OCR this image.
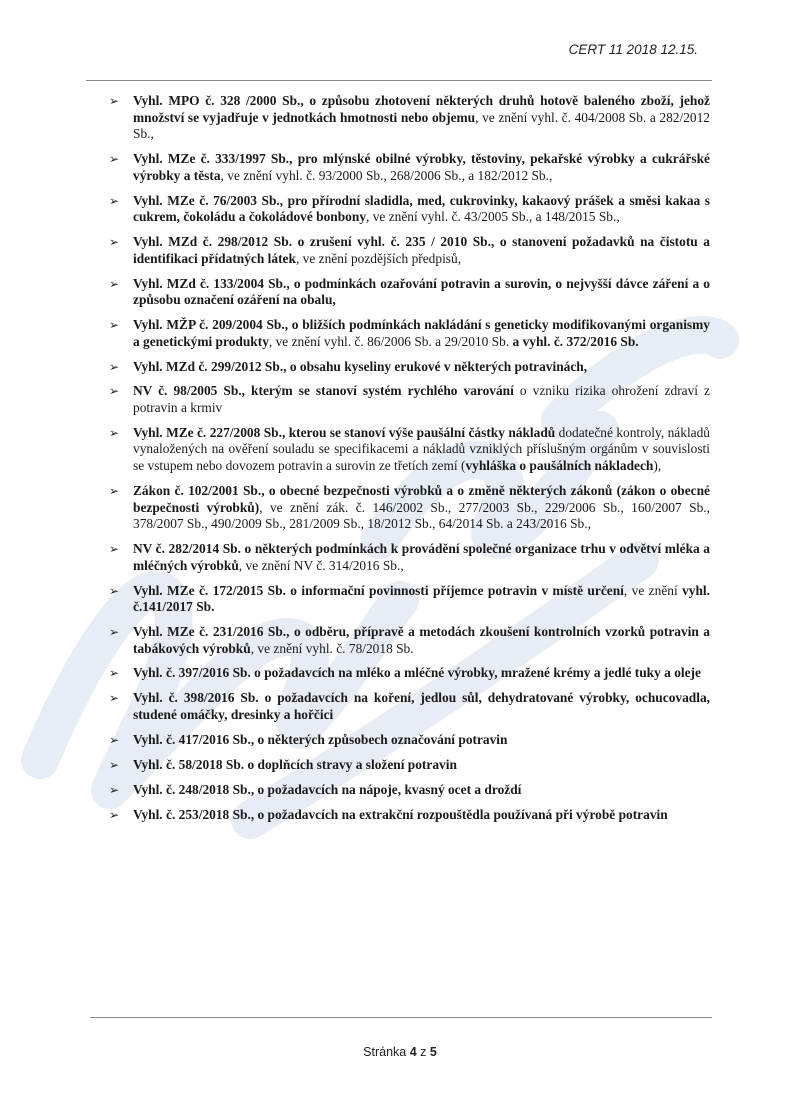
CERT 11 2018 12.15.
➢ Vyhl. MPO č. 328 /2000 Sb., o způsobu zhotovení některých druhů hotově baleného zboží, jehož množství se vyjadřuje v jednotkách hmotnosti nebo objemu, ve znění vyhl. č. 404/2008 Sb. a 282/2012 Sb.,
➢ Vyhl. MZe č. 333/1997 Sb., pro mlýnské obilné výrobky, těstoviny, pekařské výrobky a cukrářské výrobky a těsta, ve znění vyhl. č. 93/2000 Sb., 268/2006 Sb., a 182/2012 Sb.,
➢ Vyhl. MZe č. 76/2003 Sb., pro přírodní sladidla, med, cukrovinky, kakaový prášek a směsi kakaa s cukrem, čokoládu a čokoládové bonbony, ve znění vyhl. č. 43/2005 Sb., a 148/2015 Sb.,
➢ Vyhl. MZd č. 298/2012 Sb. o zrušení vyhl. č. 235 / 2010 Sb., o stanovení požadavků na čistotu a identifikaci přídatných látek, ve znění pozdějších předpisů,
➢ Vyhl. MZd č. 133/2004 Sb., o podmínkách ozařování potravin a surovin, o nejvyšší dávce záření a o způsobu označení ozáření na obalu,
➢ Vyhl. MŽP č. 209/2004 Sb., o bližších podmínkách nakládání s geneticky modifikovanými organismy a genetickými produkty, ve znění vyhl. č. 86/2006 Sb. a 29/2010 Sb. a vyhl. č. 372/2016 Sb.
➢ Vyhl. MZd č. 299/2012 Sb., o obsahu kyseliny erukové v některých potravinách,
➢ NV č. 98/2005 Sb., kterým se stanoví systém rychlého varování o vzniku rizika ohrožení zdraví z potravin a krmiv
➢ Vyhl. MZe č. 227/2008 Sb., kterou se stanoví výše paušální částky nákladů dodatečné kontroly, nákladů vynaložených na ověření souladu se specifikacemi a nákladů vzniklých příslušným orgánům v souvislosti se vstupem nebo dovozem potravin a surovin ze třetích zemí (vyhláška o paušálních nákladech),
➢ Zákon č. 102/2001 Sb., o obecné bezpečnosti výrobků a o změně některých zákonů (zákon o obecné bezpečnosti výrobků), ve znění zák. č. 146/2002 Sb., 277/2003 Sb., 229/2006 Sb., 160/2007 Sb., 378/2007 Sb., 490/2009 Sb., 281/2009 Sb., 18/2012 Sb., 64/2014 Sb. a 243/2016 Sb.,
➢ NV č. 282/2014 Sb. o některých podmínkách k provádění společné organizace trhu v odvětví mléka a mléčných výrobků, ve znění NV č. 314/2016 Sb.,
➢ Vyhl. MZe č. 172/2015 Sb. o informační povinnosti příjemce potravin v místě určení, ve znění vyhl. č.141/2017 Sb.
➢ Vyhl. MZe č. 231/2016 Sb., o odběru, přípravě a metodách zkoušení kontrolních vzorků potravin a tabákových výrobků, ve znění vyhl. č. 78/2018 Sb.
➢ Vyhl. č. 397/2016 Sb. o požadavcích na mléko a mléčné výrobky, mražené krémy a jedlé tuky a oleje
➢ Vyhl. č. 398/2016 Sb. o požadavcích na koření, jedlou sůl, dehydratované výrobky, ochucovadla, studené omáčky, dresinky a hořčici
➢ Vyhl. č. 417/2016 Sb., o některých způsobech označování potravin
➢ Vyhl. č. 58/2018 Sb. o doplňcích stravy a složení potravin
➢ Vyhl. č. 248/2018 Sb., o požadavcích na nápoje, kvasný ocet a droždí
➢ Vyhl. č. 253/2018 Sb., o požadavcích na extrakční rozpouštědla používaná při výrobě potravin
Stránka 4 z 5
